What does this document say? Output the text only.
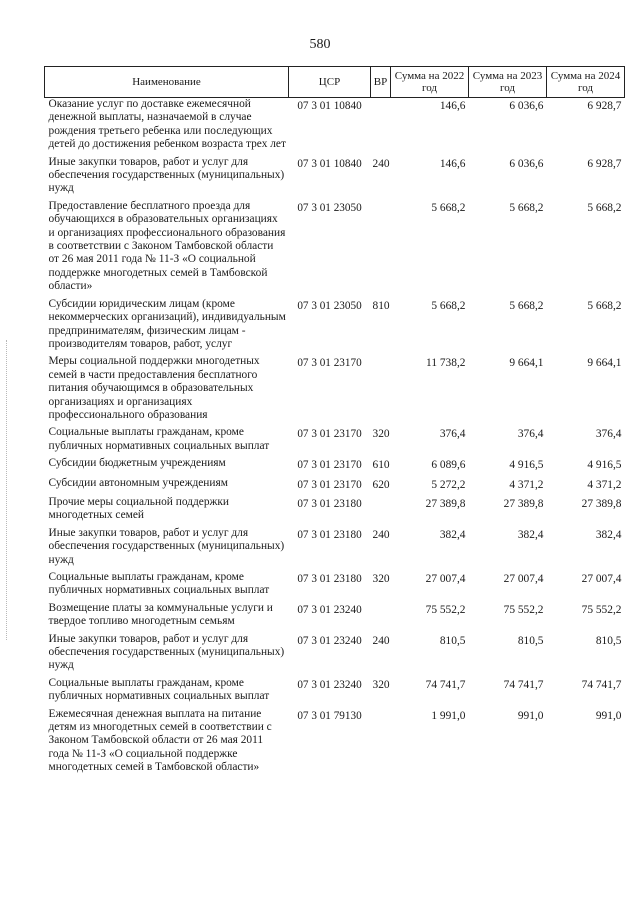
580
Наименование	ЦСР	ВР	Сумма на 2022 год	Сумма на 2023 год	Сумма на 2024 год
Оказание услуг по доставке ежемесячной денежной выплаты, назначаемой в случае рождения третьего ребенка или последующих детей до достижения ребенком возраста трех лет	07 3 01 10840		146,6	6 036,6	6 928,7
Иные закупки товаров, работ и услуг для обеспечения государственных (муниципальных) нужд	07 3 01 10840	240	146,6	6 036,6	6 928,7
Предоставление бесплатного проезда для обучающихся в образовательных организациях и организациях профессионального образования в соответствии с Законом Тамбовской области от 26 мая 2011 года № 11-З «О социальной поддержке многодетных семей в Тамбовской области»	07 3 01 23050		5 668,2	5 668,2	5 668,2
Субсидии юридическим лицам (кроме некоммерческих организаций), индивидуальным предпринимателям, физическим лицам - производителям товаров, работ, услуг	07 3 01 23050	810	5 668,2	5 668,2	5 668,2
Меры социальной поддержки многодетных семей в части предоставления бесплатного питания обучающимся в образовательных организациях и организациях профессионального образования	07 3 01 23170		11 738,2	9 664,1	9 664,1
Социальные выплаты гражданам, кроме публичных нормативных социальных выплат	07 3 01 23170	320	376,4	376,4	376,4
Субсидии бюджетным учреждениям	07 3 01 23170	610	6 089,6	4 916,5	4 916,5
Субсидии автономным учреждениям	07 3 01 23170	620	5 272,2	4 371,2	4 371,2
Прочие меры социальной поддержки многодетных семей	07 3 01 23180		27 389,8	27 389,8	27 389,8
Иные закупки товаров, работ и услуг для обеспечения государственных (муниципальных) нужд	07 3 01 23180	240	382,4	382,4	382,4
Социальные выплаты гражданам, кроме публичных нормативных социальных выплат	07 3 01 23180	320	27 007,4	27 007,4	27 007,4
Возмещение платы за коммунальные услуги и твердое топливо многодетным семьям	07 3 01 23240		75 552,2	75 552,2	75 552,2
Иные закупки товаров, работ и услуг для обеспечения государственных (муниципальных) нужд	07 3 01 23240	240	810,5	810,5	810,5
Социальные выплаты гражданам, кроме публичных нормативных социальных выплат	07 3 01 23240	320	74 741,7	74 741,7	74 741,7
Ежемесячная денежная выплата на питание детям из многодетных семей в соответствии с Законом Тамбовской области от 26 мая 2011 года № 11-З «О социальной поддержке многодетных семей в Тамбовской области»	07 3 01 79130		1 991,0	991,0	991,0
